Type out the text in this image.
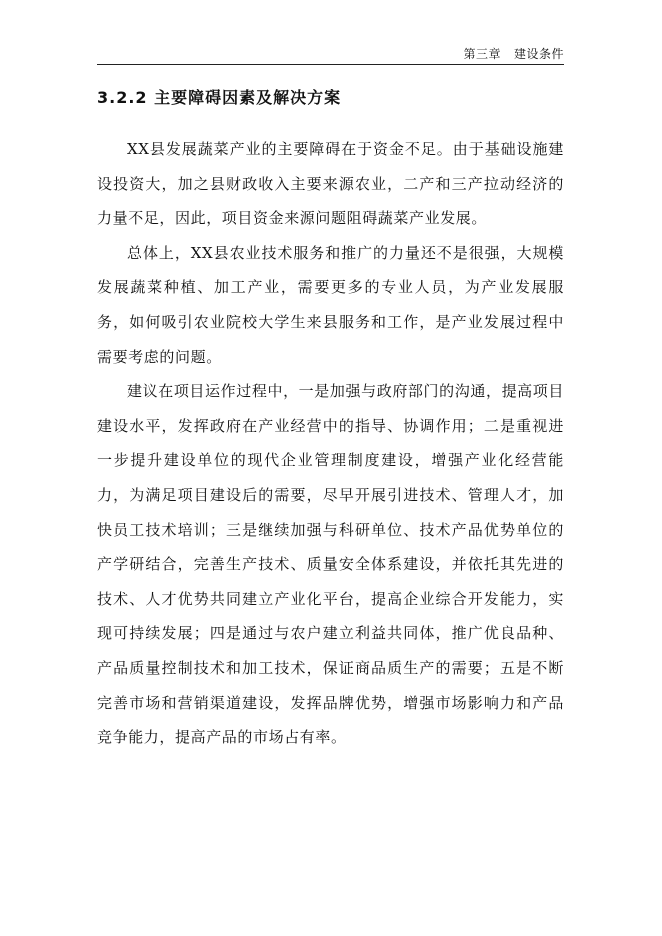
第三章 建设条件
3.2.2 主要障碍因素及解决方案

XX县发展蔬菜产业的主要障碍在于资金不足。由于基础设施建设投资大，加之县财政收入主要来源农业，二产和三产拉动经济的力量不足，因此，项目资金来源问题阻碍蔬菜产业发展。

总体上，XX县农业技术服务和推广的力量还不是很强，大规模发展蔬菜种植、加工产业，需要更多的专业人员，为产业发展服务，如何吸引农业院校大学生来县服务和工作，是产业发展过程中需要考虑的问题。

建议在项目运作过程中，一是加强与政府部门的沟通，提高项目建设水平，发挥政府在产业经营中的指导、协调作用；二是重视进一步提升建设单位的现代企业管理制度建设，增强产业化经营能力，为满足项目建设后的需要，尽早开展引进技术、管理人才，加快员工技术培训；三是继续加强与科研单位、技术产品优势单位的产学研结合，完善生产技术、质量安全体系建设，并依托其先进的技术、人才优势共同建立产业化平台，提高企业综合开发能力，实现可持续发展；四是通过与农户建立利益共同体，推广优良品种、产品质量控制技术和加工技术，保证商品质生产的需要；五是不断完善市场和营销渠道建设，发挥品牌优势，增强市场影响力和产品竞争能力，提高产品的市场占有率。
